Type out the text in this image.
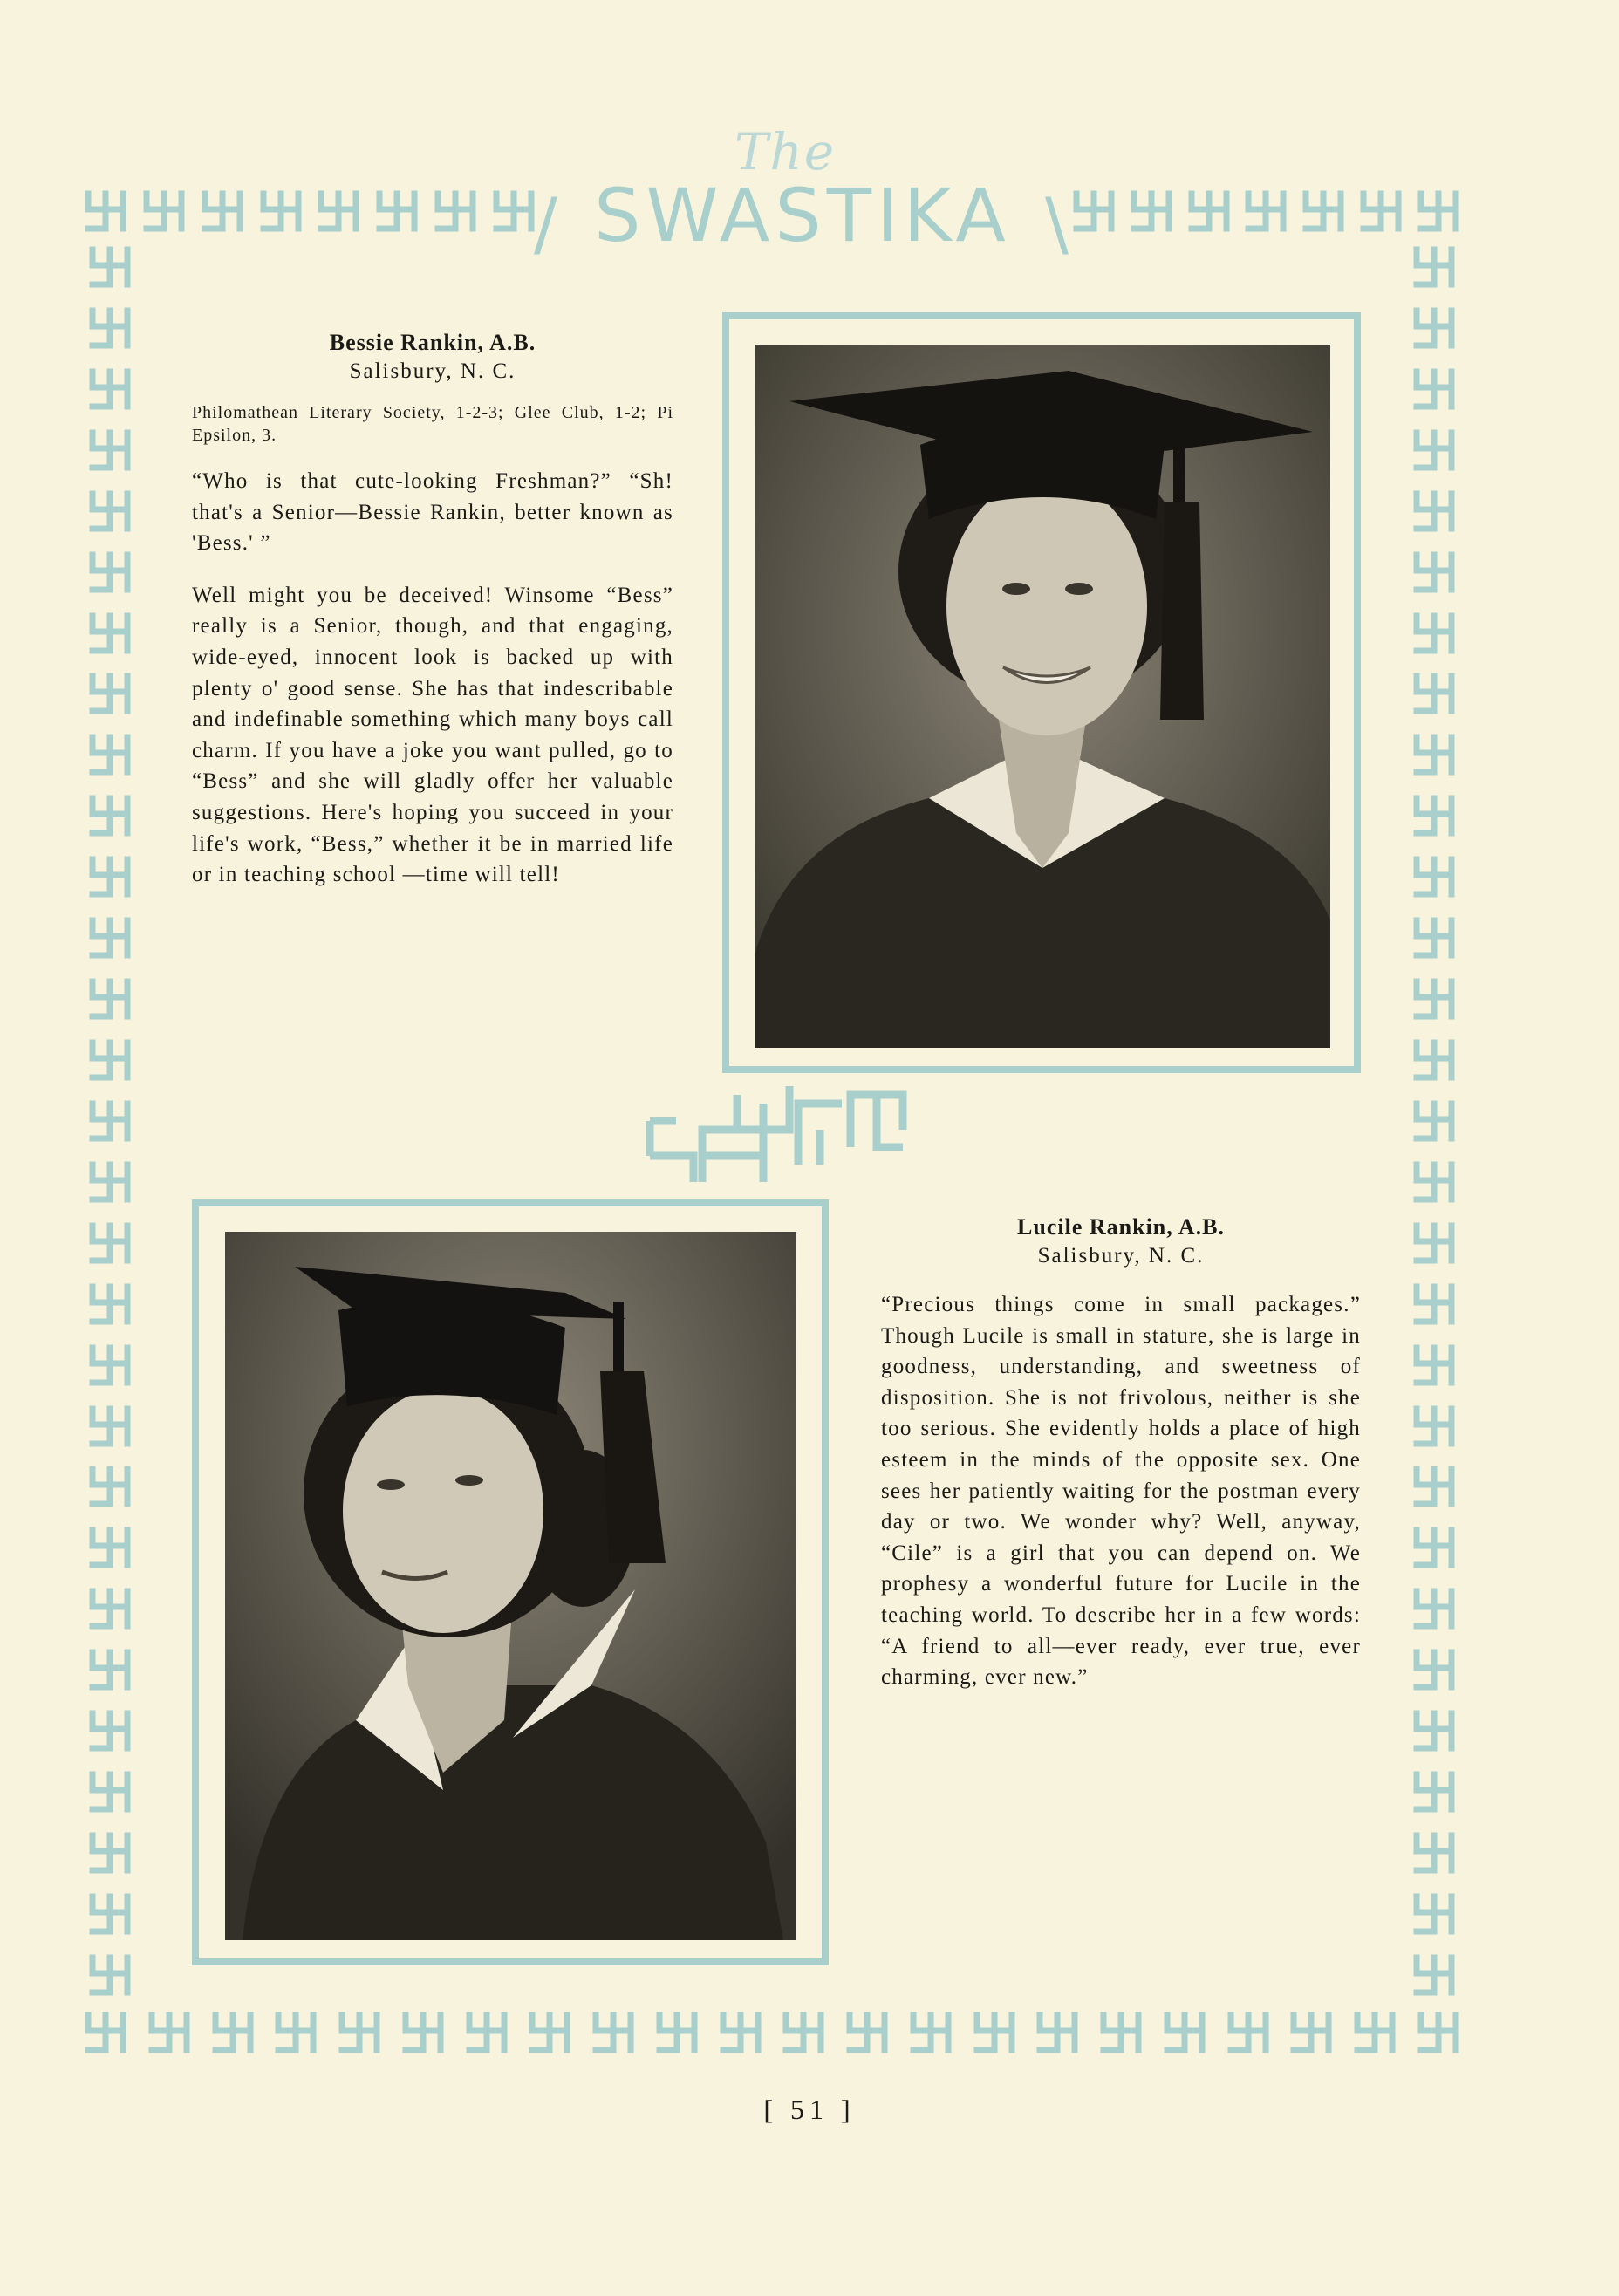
The
/ SWASTIKA \
Bessie Rankin, A.B.
Salisbury, N. C.
Philomathean Literary Society, 1-2-3; Glee Club, 1-2; Pi Epsilon, 3.
“Who is that cute-looking Freshman?” “Sh! that's a Senior—Bessie Rankin, better known as 'Bess.' ”
Well might you be deceived! Winsome “Bess” really is a Senior, though, and that engaging, wide-eyed, innocent look is backed up with plenty o' good sense. She has that indescribable and indefinable something which many boys call charm. If you have a joke you want pulled, go to “Bess” and she will gladly offer her valuable suggestions. Here's hoping you succeed in your life's work, “Bess,” whether it be in married life or in teaching school —time will tell!
Lucile Rankin, A.B.
Salisbury, N. C.
“Precious things come in small packages.” Though Lucile is small in stature, she is large in goodness, understanding, and sweetness of disposition. She is not frivolous, neither is she too serious. She evidently holds a place of high esteem in the minds of the opposite sex. One sees her patiently waiting for the postman every day or two. We wonder why? Well, anyway, “Cile” is a girl that you can depend on. We prophesy a wonderful future for Lucile in the teaching world. To describe her in a few words: “A friend to all—ever ready, ever true, ever charming, ever new.”
[ 51 ]
